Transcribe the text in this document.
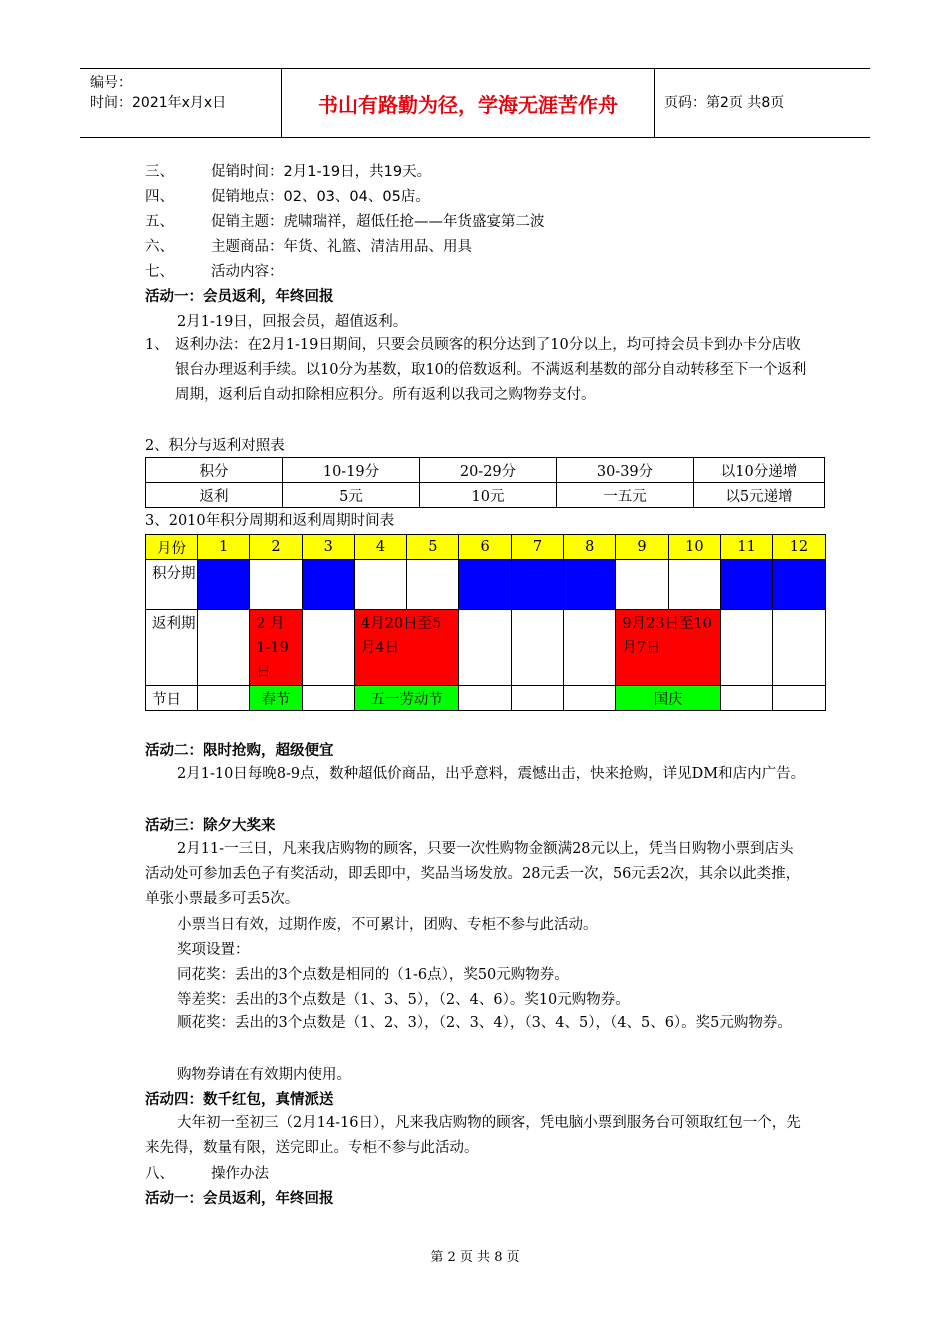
编号：
时间：2021年x月x日	书山有路勤为径，学海无涯苦作舟	页码：第2页 共8页
三、	促销时间：2月1-19日，共19天。
四、	促销地点：02、03、04、05店。
五、	促销主题：虎啸瑞祥，超低任抢——年货盛宴第二波
六、	主题商品：年货、礼篮、清洁用品、用具
七、	活动内容：
活动一：会员返利，年终回报
2月1-19日，回报会员，超值返利。
1、 返利办法：在2月1-19日期间，只要会员顾客的积分达到了10分以上，均可持会员卡到办卡分店收银台办理返利手续。以10分为基数，取10的倍数返利。不满返利基数的部分自动转移至下一个返利周期，返利后自动扣除相应积分。所有返利以我司之购物券支付。
2、积分与返利对照表
积分	10-19分	20-29分	30-39分	以10分递增
返利	5元	10元	一五元	以5元递增
3、2010年积分周期和返利周期时间表
月份	1	2	3	4	5	6	7	8	9	10	11	12
积分期												
返利期		2 月 1-19 日		4月20日至5月4日					9月23日至10月7日			
节日		春节		五一劳动节					国庆			
活动二：限时抢购，超级便宜
2月1-10日每晚8-9点，数种超低价商品，出乎意料，震憾出击，快来抢购，详见DM和店内广告。
活动三：除夕大奖来
2月11-一三日，凡来我店购物的顾客，只要一次性购物金额满28元以上，凭当日购物小票到店头活动处可参加丢色子有奖活动，即丢即中，奖品当场发放。28元丢一次，56元丢2次，其余以此类推，单张小票最多可丢5次。
小票当日有效，过期作废，不可累计，团购、专柜不参与此活动。
奖项设置：
同花奖：丢出的3个点数是相同的（1-6点），奖50元购物券。
等差奖：丢出的3个点数是（1、3、5），（2、4、6）。奖10元购物券。
顺花奖：丢出的3个点数是（1、2、3），（2、3、4），（3、4、5），（4、5、6）。奖5元购物券。
购物券请在有效期内使用。
活动四：数千红包，真情派送
大年初一至初三（2月14-16日），凡来我店购物的顾客，凭电脑小票到服务台可领取红包一个，先来先得，数量有限，送完即止。专柜不参与此活动。
八、	操作办法
活动一：会员返利，年终回报
第 2 页 共 8 页
